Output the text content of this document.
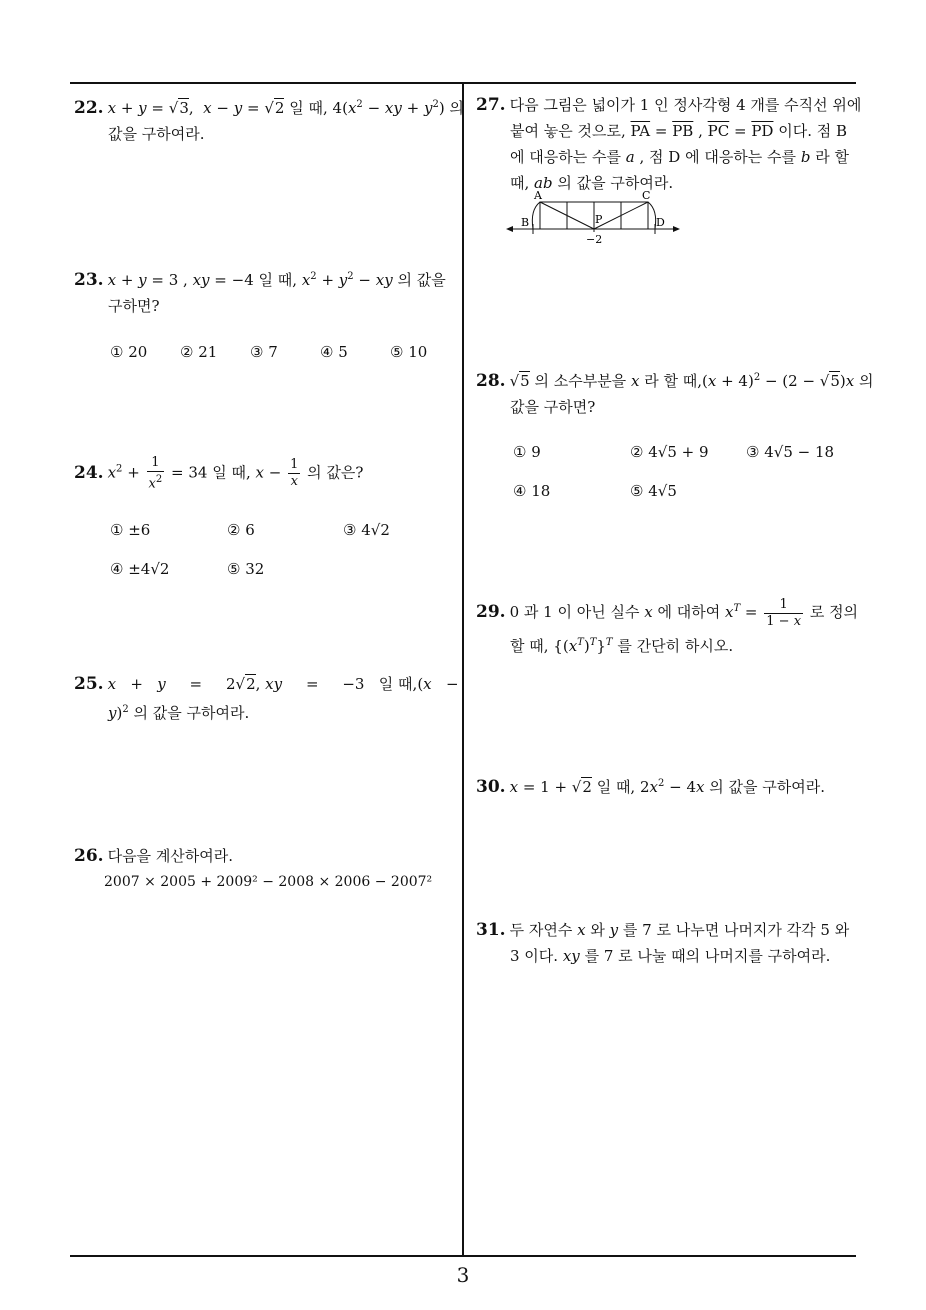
22. x + y = √3,  x − y = √2 일 때, $4(x^2$ − xy + $y^2$) 의
값을 구하여라.
23. x + y = 3 , xy = −4 일 때, $x^2 + y^2$ − xy 의 값을
구하면?
① 20 ② 21 ③ 7	④ 5	⑤ 10
24. $x^2 + \frac{1}{x^2} = 34$ 일 때, $x - \frac{1}{x}$ 의 값은?
① ±6	② 6	③ 4√2
④ ±4√2	⑤ 32
25. x   +   y     =     2√2, xy     =     −3   일 때,(x   −
y)$^2$ 의 값을 구하여라.
26. 다음을 계산하여라.
2007 × 2005 + 2009² − 2008 × 2006 − 2007²
27. 다음 그림은 넓이가 1 인 정사각형 4 개를 수직선 위에
붙여 놓은 것으로, $\overline{PA} = \overline{PB}$ , $\overline{PC} = \overline{PD}$ 이다. 점 B
에 대응하는 수를 a , 점 D 에 대응하는 수를 b 라 할
때, ab 의 값을 구하여라.
A	C
B	D
P
−2
28. √5 의 소수부분을 x 라 할 때$,(x + 4)^2 - (2 - √5)x$ 의
값을 구하면?
① 9	② 4√5 + 9 ③ 4√5 − 18
④ 18	⑤ 4√5
29. 0 과 1 이 아닌 실수 x 에 대하여 $x^T = \frac{1}{1 - x}$ 로 정의
할 때, $\{(x^T)^T\}^T$ 를 간단히 하시오.
30. x = 1 + √2 일 때, $2x^2 - 4x$ 의 값을 구하여라.
31. 두 자연수 x 와 y 를 7 로 나누면 나머지가 각각 5 와
3 이다. xy 를 7 로 나눌 때의 나머지를 구하여라.
3
